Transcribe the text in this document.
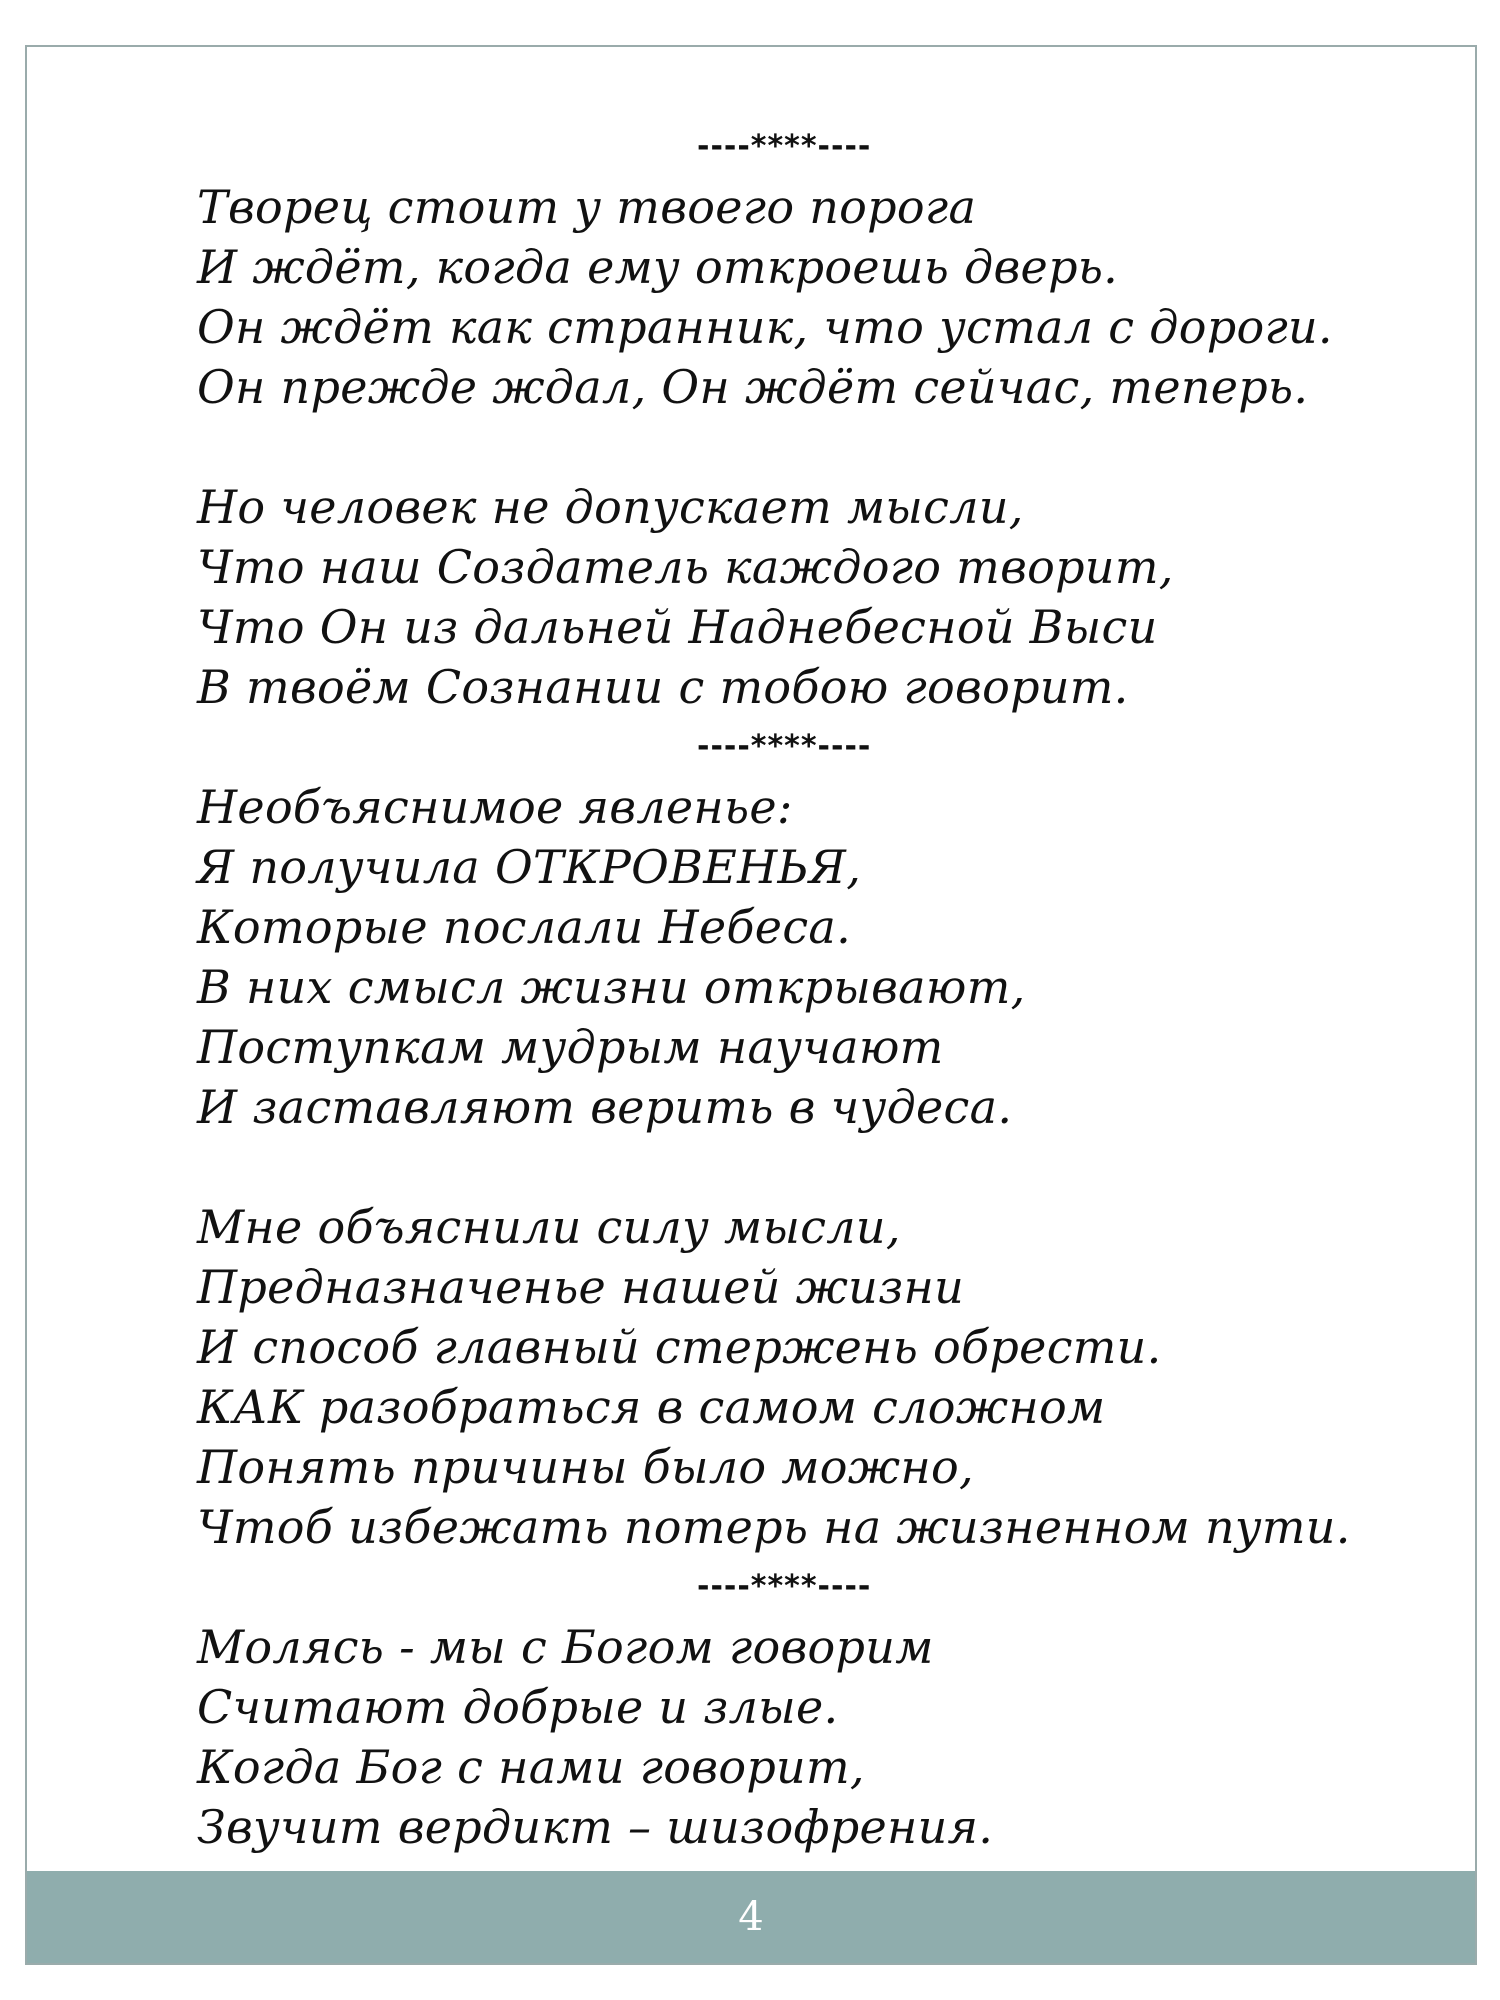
----****----
Творец стоит у твоего порога
И ждёт, когда ему откроешь дверь.
Он ждёт как странник, что устал с дороги.
Он прежде ждал, Он ждёт сейчас, теперь.
Но человек не допускает мысли,
Что наш Создатель каждого творит,
Что Он из дальней Наднебесной Выси
В твоём Сознании с тобою говорит.
----****----
Необъяснимое явленье:
Я получила ОТКРОВЕНЬЯ,
Которые послали Небеса.
В них смысл жизни открывают,
Поступкам мудрым научают
И заставляют верить в чудеса.
Мне объяснили силу мысли,
Предназначенье нашей жизни
И способ главный стержень обрести.
КАК разобраться в самом сложном
Понять причины было можно,
Чтоб избежать потерь на жизненном пути.
----****----
Молясь - мы с Богом говорим
Считают добрые и злые.
Когда Бог с нами говорит,
Звучит вердикт – шизофрения.
4
